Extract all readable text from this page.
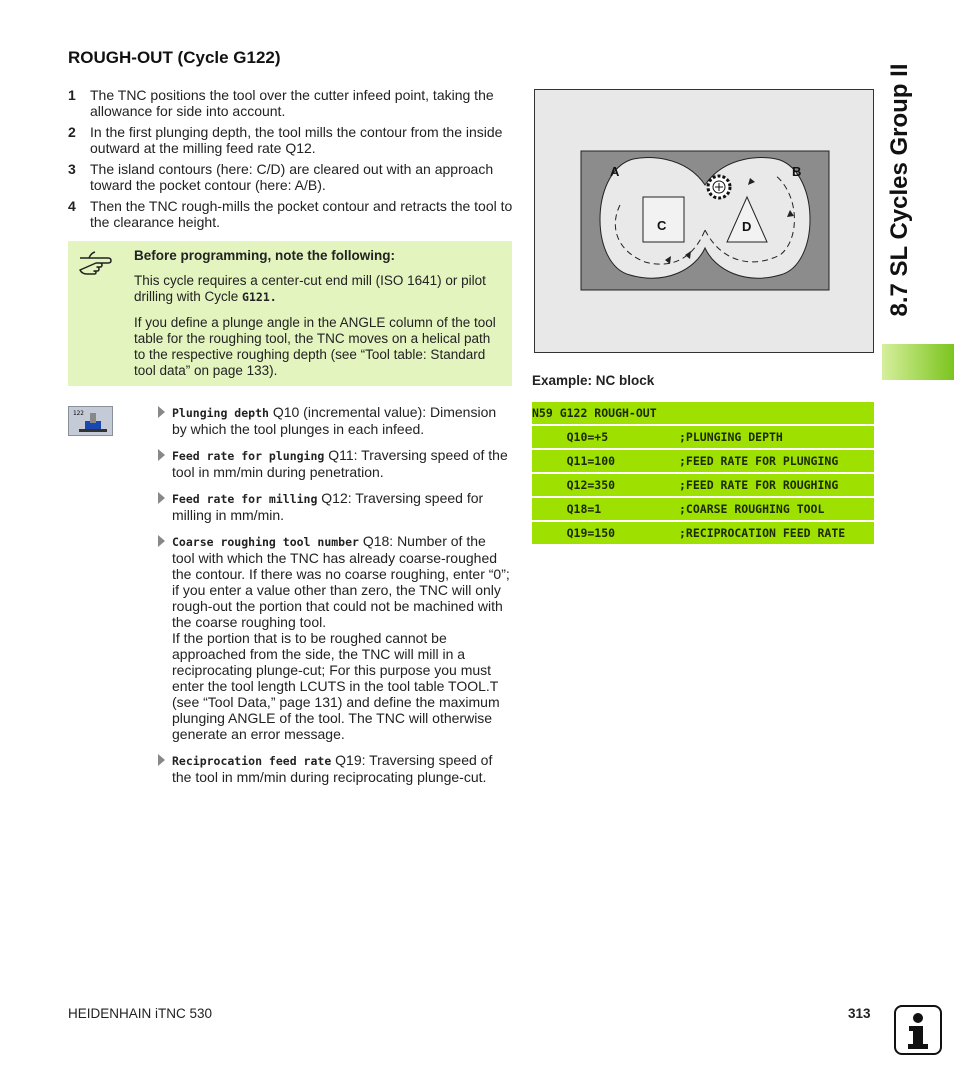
ROUGH-OUT (Cycle G122)
1	The TNC positions the tool over the cutter infeed point, taking the allowance for side into account.
2	In the first plunging depth, the tool mills the contour from the inside outward at the milling feed rate Q12.
3	The island contours (here: C/D) are cleared out with an approach toward the pocket contour (here: A/B).
4	Then the TNC rough-mills the pocket contour and retracts the tool to the clearance height.
Before programming, note the following:
This cycle requires a center-cut end mill (ISO 1641) or pilot drilling with Cycle G121.
If you define a plunge angle in the ANGLE column of the tool table for the roughing tool, the TNC moves on a helical path to the respective roughing depth (see “Tool table: Standard tool data” on page 133).
122	Plunging depth Q10 (incremental value): Dimension by which the tool plunges in each infeed.
Feed rate for plunging Q11: Traversing speed of the tool in mm/min during penetration.
Feed rate for milling Q12: Traversing speed for milling in mm/min.
Coarse roughing tool number Q18: Number of the tool with which the TNC has already coarse-roughed the contour. If there was no coarse roughing, enter “0”; if you enter a value other than zero, the TNC will only rough-out the portion that could not be machined with the coarse roughing tool.
If the portion that is to be roughed cannot be approached from the side, the TNC will mill in a reciprocating plunge-cut; For this purpose you must enter the tool length LCUTS in the tool table TOOL.T (see “Tool Data,” page 131) and define the maximum plunging ANGLE of the tool. The TNC will otherwise generate an error message.
Reciprocation feed rate Q19: Traversing speed of the tool in mm/min during reciprocating plunge-cut.
A	B
C	D
Example: NC block
N59 G122 ROUGH-OUT
Q10=+5	;PLUNGING DEPTH
Q11=100	;FEED RATE FOR PLUNGING
Q12=350	;FEED RATE FOR ROUGHING
Q18=1	;COARSE ROUGHING TOOL
Q19=150	;RECIPROCATION FEED RATE
8.7 SL Cycles Group II
HEIDENHAIN iTNC 530	313
